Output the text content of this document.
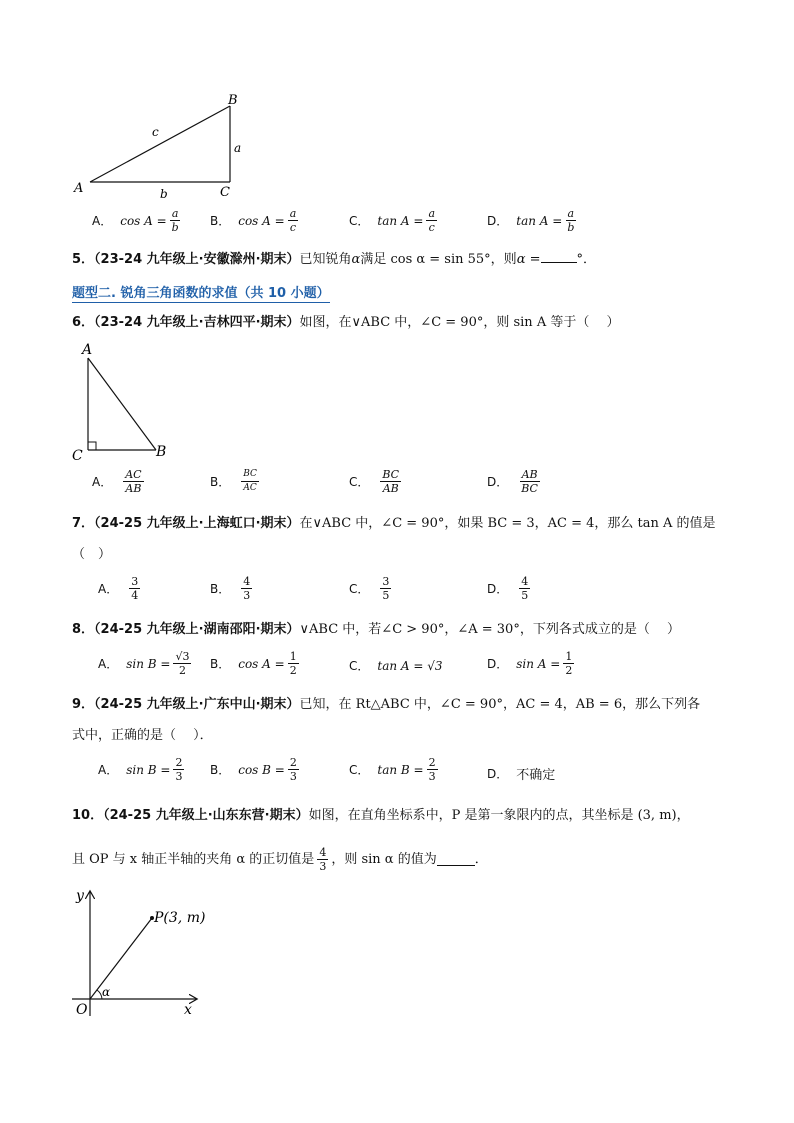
B
A	C
c
a
b
A． $\cos A = \frac{a}{b}$ B． $\cos A = \frac{a}{c}$	C． $\tan A = \frac{a}{c}$	D． $\tan A = \frac{a}{b}$
5．（23-24 九年级上·安徽滁州·期末）已知锐角α满足 cos α = sin 55°，则α =	°．
题型二. 锐角三角函数的求值（共 10 小题）
6．（23-24 九年级上·吉林四平·期末）如图，在∨ABC 中，∠C = 90°，则 sin A 等于（　 ）
A
C	B
A． $\frac{AC}{AB}$	B． $\frac{BC}{AC}$	C． $\frac{BC}{AB}$	D． $\frac{AB}{BC}$
7．（24-25 九年级上·上海虹口·期末）在∨ABC 中，∠C = 90°，如果 BC = 3，AC = 4，那么 tan A 的值是
（　）
A． $\frac{3}{4}$	B． $\frac{4}{3}$	C． $\frac{3}{5}$	D． $\frac{4}{5}$
8．（24-25 九年级上·湖南邵阳·期末）∨ABC 中，若∠C > 90°，∠A = 30°，下列各式成立的是（　 ）
A． $\sin B = \frac{√3}{2}$ B． $\cos A = \frac{1}{2}$	C． tan A = √3	D． $\sin A = \frac{1}{2}$
9．（24-25 九年级上·广东中山·期末）已知，在 Rt△ABC 中，∠C = 90°，AC = 4，AB = 6，那么下列各
式中，正确的是（　 ）．
A． $\sin B = \frac{2}{3}$ B． $\cos B = \frac{2}{3}$	C． $\tan B = \frac{2}{3}$	D． 不确定
10．（24-25 九年级上·山东东营·期末）如图，在直角坐标系中，P 是第一象限内的点，其坐标是 (3, m)，
且 OP 与 x 轴正半轴的夹角 α 的正切值是 $\frac{4}{3}$ ，则 sin α 的值为	．
y
x
O
P(3, m)
α
